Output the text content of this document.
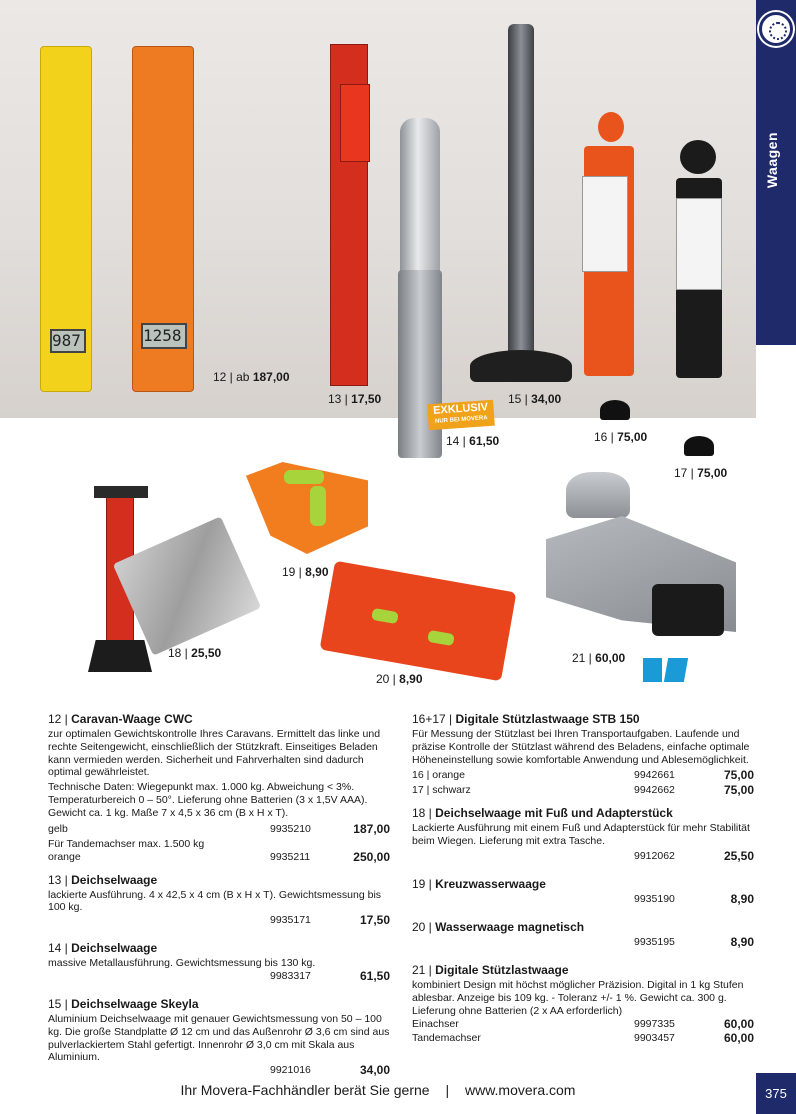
Waagen
987	1258
12 | ab 187,00
13 | 17,50
EXKLUSIV
NUR BEI MOVERA
14 | 61,50
15 | 34,00
16 | 75,00
17 | 75,00
18 | 25,50
19 | 8,90
20 | 8,90
21 | 60,00

12 | Caravan-Waage CWC

zur optimalen Gewichtskontrolle Ihres Caravans. Ermittelt das linke und rechte Seitengewicht, einschließlich der Stützkraft. Einseitiges Beladen kann vermieden werden. Sicherheit und Fahrverhalten sind dadurch optimal gewährleistet.

Technische Daten: Wiegepunkt max. 1.000 kg. Abweichung < 3%. Temperaturbereich 0 – 50°. Lieferung ohne Batterien (3 x 1,5V AAA). Gewicht ca. 1 kg. Maße 7 x 4,5 x 36 cm (B x H x T).

gelb	9935210	187,00
Für Tandemachser max. 1.500 kg
orange	9935211	250,00
13 | Deichselwaage

lackierte Ausführung. 4 x 42,5 x 4 cm (B x H x T). Gewichtsmessung bis 100 kg.

9935171	17,50
14 | Deichselwaage

massive Metallausführung. Gewichtsmessung bis 130 kg.

9983317	61,50
15 | Deichselwaage Skeyla

Aluminium Deichselwaage mit genauer Gewichtsmessung von 50 – 100 kg. Die große Standplatte Ø 12 cm und das Außenrohr Ø 3,6 cm sind aus pulverlackiertem Stahl gefertigt. Innenrohr Ø 3,0 cm mit Skala aus Aluminium.

9921016	34,00
16+17 | Digitale Stützlastwaage STB 150

Für Messung der Stützlast bei Ihren Transportaufgaben. Laufende und präzise Kontrolle der Stützlast während des Beladens, einfache optimale Höheneinstellung sowie komfortable Anwendung und Ablesemöglichkeit.

16 | orange	9942661	75,00
17 | schwarz	9942662	75,00
18 | Deichselwaage mit Fuß und Adapterstück

Lackierte Ausführung mit einem Fuß und Adapterstück für mehr Stabilität beim Wiegen. Lieferung mit extra Tasche.

9912062	25,50
19 | Kreuzwasserwaage
9935190	8,90
20 | Wasserwaage magnetisch
9935195	8,90
21 | Digitale Stützlastwaage

kombiniert Design mit höchst möglicher Präzision. Digital in 1 kg Stufen ablesbar. Anzeige bis 109 kg. - Toleranz +/- 1 %. Gewicht ca. 300 g. Lieferung ohne Batterien (2 x AA erforderlich)

Einachser	9997335	60,00
Tandemachser	9903457	60,00
Ihr Movera-Fachhändler berät Sie gerne | www.movera.com	375
